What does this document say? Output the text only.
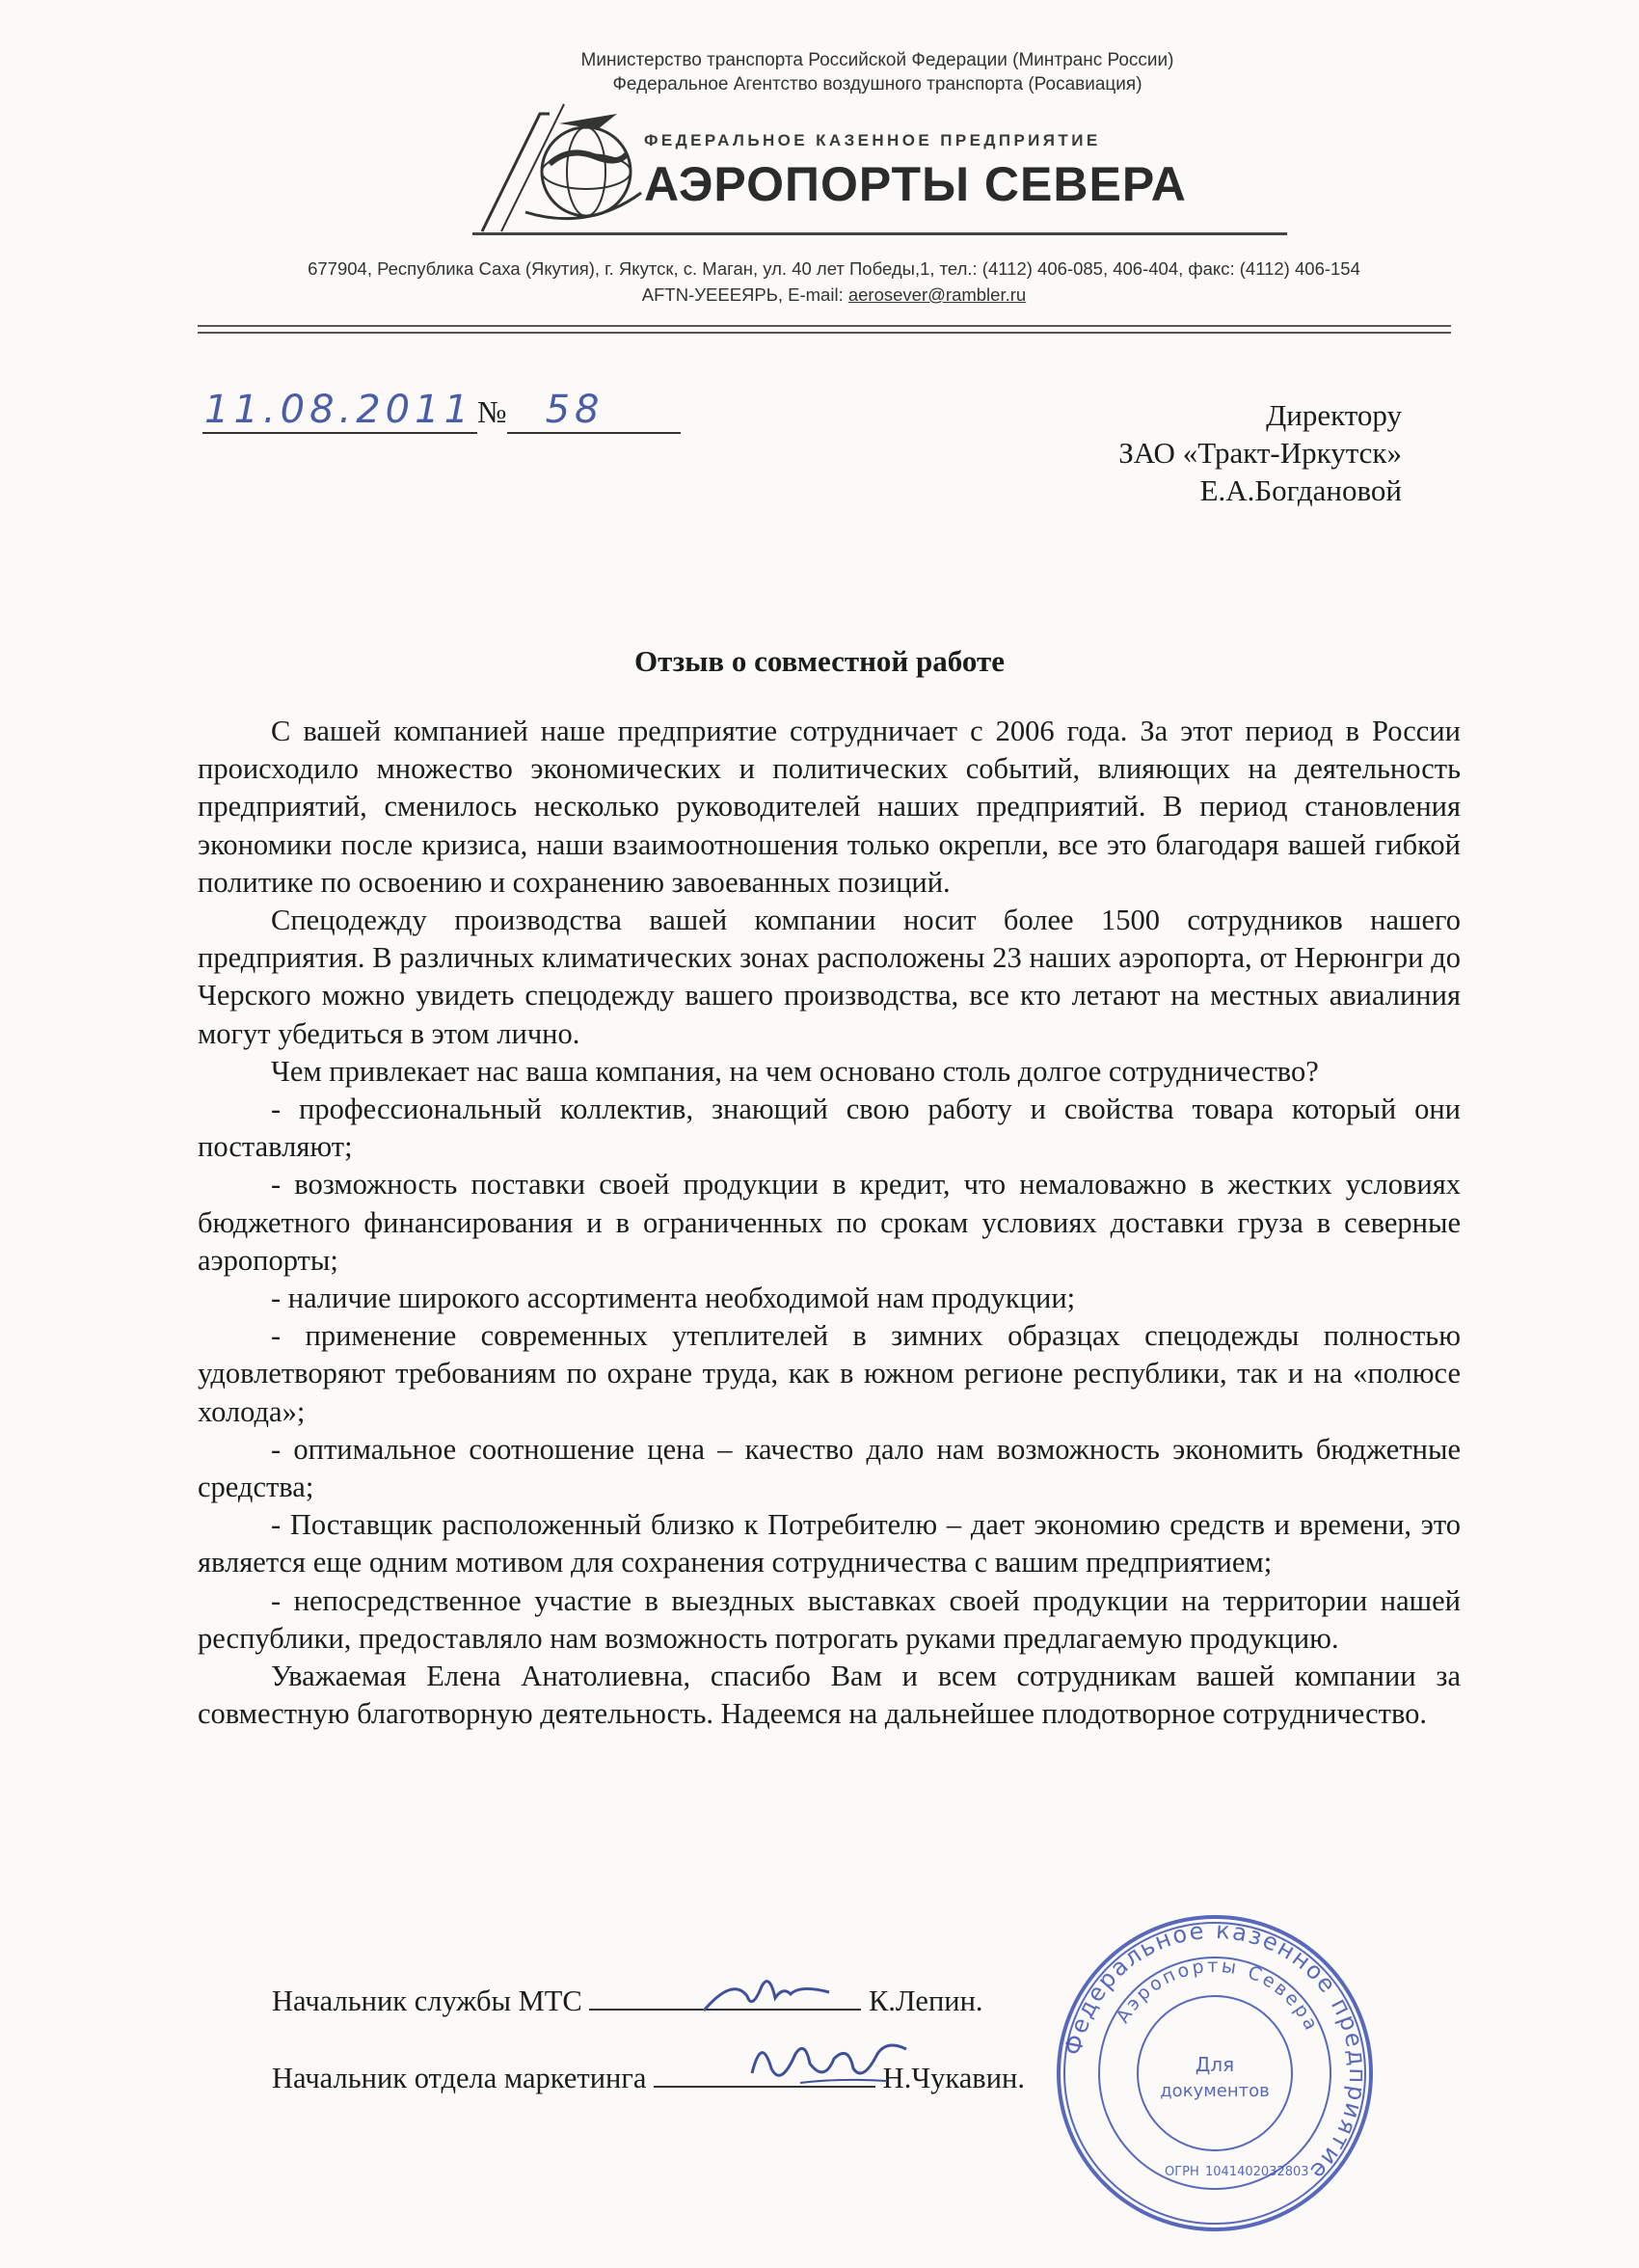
Министерство транспорта Российской Федерации (Минтранс России)
Федеральное Агентство воздушного транспорта (Росавиация)
ФЕДЕРАЛЬНОЕ КАЗЕННОЕ ПРЕДПРИЯТИЕ
АЭРОПОРТЫ СЕВЕРА
677904, Республика Саха (Якутия), г. Якутск, с. Маган, ул. 40 лет Победы,1, тел.: (4112) 406-085, 406-404, факс: (4112) 406-154
AFTN-УЕЕЕЯРЬ, E-mail: aerosever@rambler.ru
11.08.2011 № 58	Директору
ЗАО «Тракт-Иркутск»
Е.А.Богдановой
Отзыв о совместной работе

С вашей компанией наше предприятие сотрудничает с 2006 года. За этот период в России происходило множество экономических и политических событий, влияющих на деятельность предприятий, сменилось несколько руководителей наших предприятий. В период становления экономики после кризиса, наши взаимоотношения только окрепли, все это благодаря вашей гибкой политике по освоению и сохранению завоеванных позиций.

Спецодежду производства вашей компании носит более 1500 сотрудников нашего предприятия. В различных климатических зонах расположены 23 наших аэропорта, от Нерюнгри до Черского можно увидеть спецодежду вашего производства, все кто летают на местных авиалиния могут убедиться в этом лично.

Чем привлекает нас ваша компания, на чем основано столь долгое сотрудничество?

- профессиональный коллектив, знающий свою работу и свойства товара который они поставляют;

- возможность поставки своей продукции в кредит, что немаловажно в жестких условиях бюджетного финансирования и в ограниченных по срокам условиях доставки груза в северные аэропорты;

- наличие широкого ассортимента необходимой нам продукции;

- применение современных утеплителей в зимних образцах спецодежды полностью удовлетворяют требованиям по охране труда, как в южном регионе республики, так и на «полюсе холода»;

- оптимальное соотношение цена – качество дало нам возможность экономить бюджетные средства;

- Поставщик расположенный близко к Потребителю – дает экономию средств и времени, это является еще одним мотивом для сохранения сотрудничества с вашим предприятием;

- непосредственное участие в выездных выставках своей продукции на территории нашей республики, предоставляло нам возможность потрогать руками предлагаемую продукцию.

Уважаемая Елена Анатолиевна, спасибо Вам и всем сотрудникам вашей компании за совместную благотворную деятельность. Надеемся на дальнейшее плодотворное сотрудничество.

Начальник службы МТС	К.Лепин.
Начальник отдела маркетинга	Н.Чукавин.
Федеральное казенное предприятие
Аэропорты Севера
Для
документов
ОГРН 1041402032803
